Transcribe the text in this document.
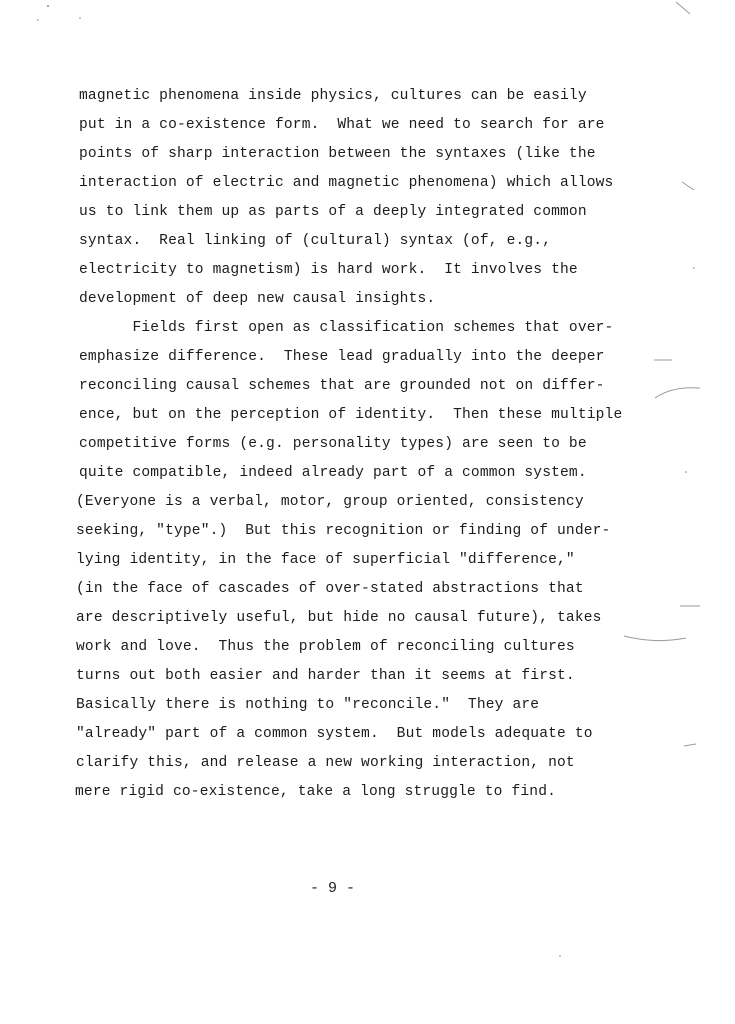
magnetic phenomena inside physics, cultures can be easily
put in a co-existence form.  What we need to search for are
points of sharp interaction between the syntaxes (like the
interaction of electric and magnetic phenomena) which allows
us to link them up as parts of a deeply integrated common
syntax.  Real linking of (cultural) syntax (of, e.g.,
electricity to magnetism) is hard work.  It involves the
development of deep new causal insights.
Fields first open as classification schemes that over-
emphasize difference.  These lead gradually into the deeper
reconciling causal schemes that are grounded not on differ-
ence, but on the perception of identity.  Then these multiple
competitive forms (e.g. personality types) are seen to be
quite compatible, indeed already part of a common system.
(Everyone is a verbal, motor, group oriented, consistency
seeking, "type".)  But this recognition or finding of under-
lying identity, in the face of superficial "difference,"
(in the face of cascades of over-stated abstractions that
are descriptively useful, but hide no causal future), takes
work and love.  Thus the problem of reconciling cultures
turns out both easier and harder than it seems at first.
Basically there is nothing to "reconcile."  They are
"already" part of a common system.  But models adequate to
clarify this, and release a new working interaction, not
mere rigid co-existence, take a long struggle to find.
- 9 -
